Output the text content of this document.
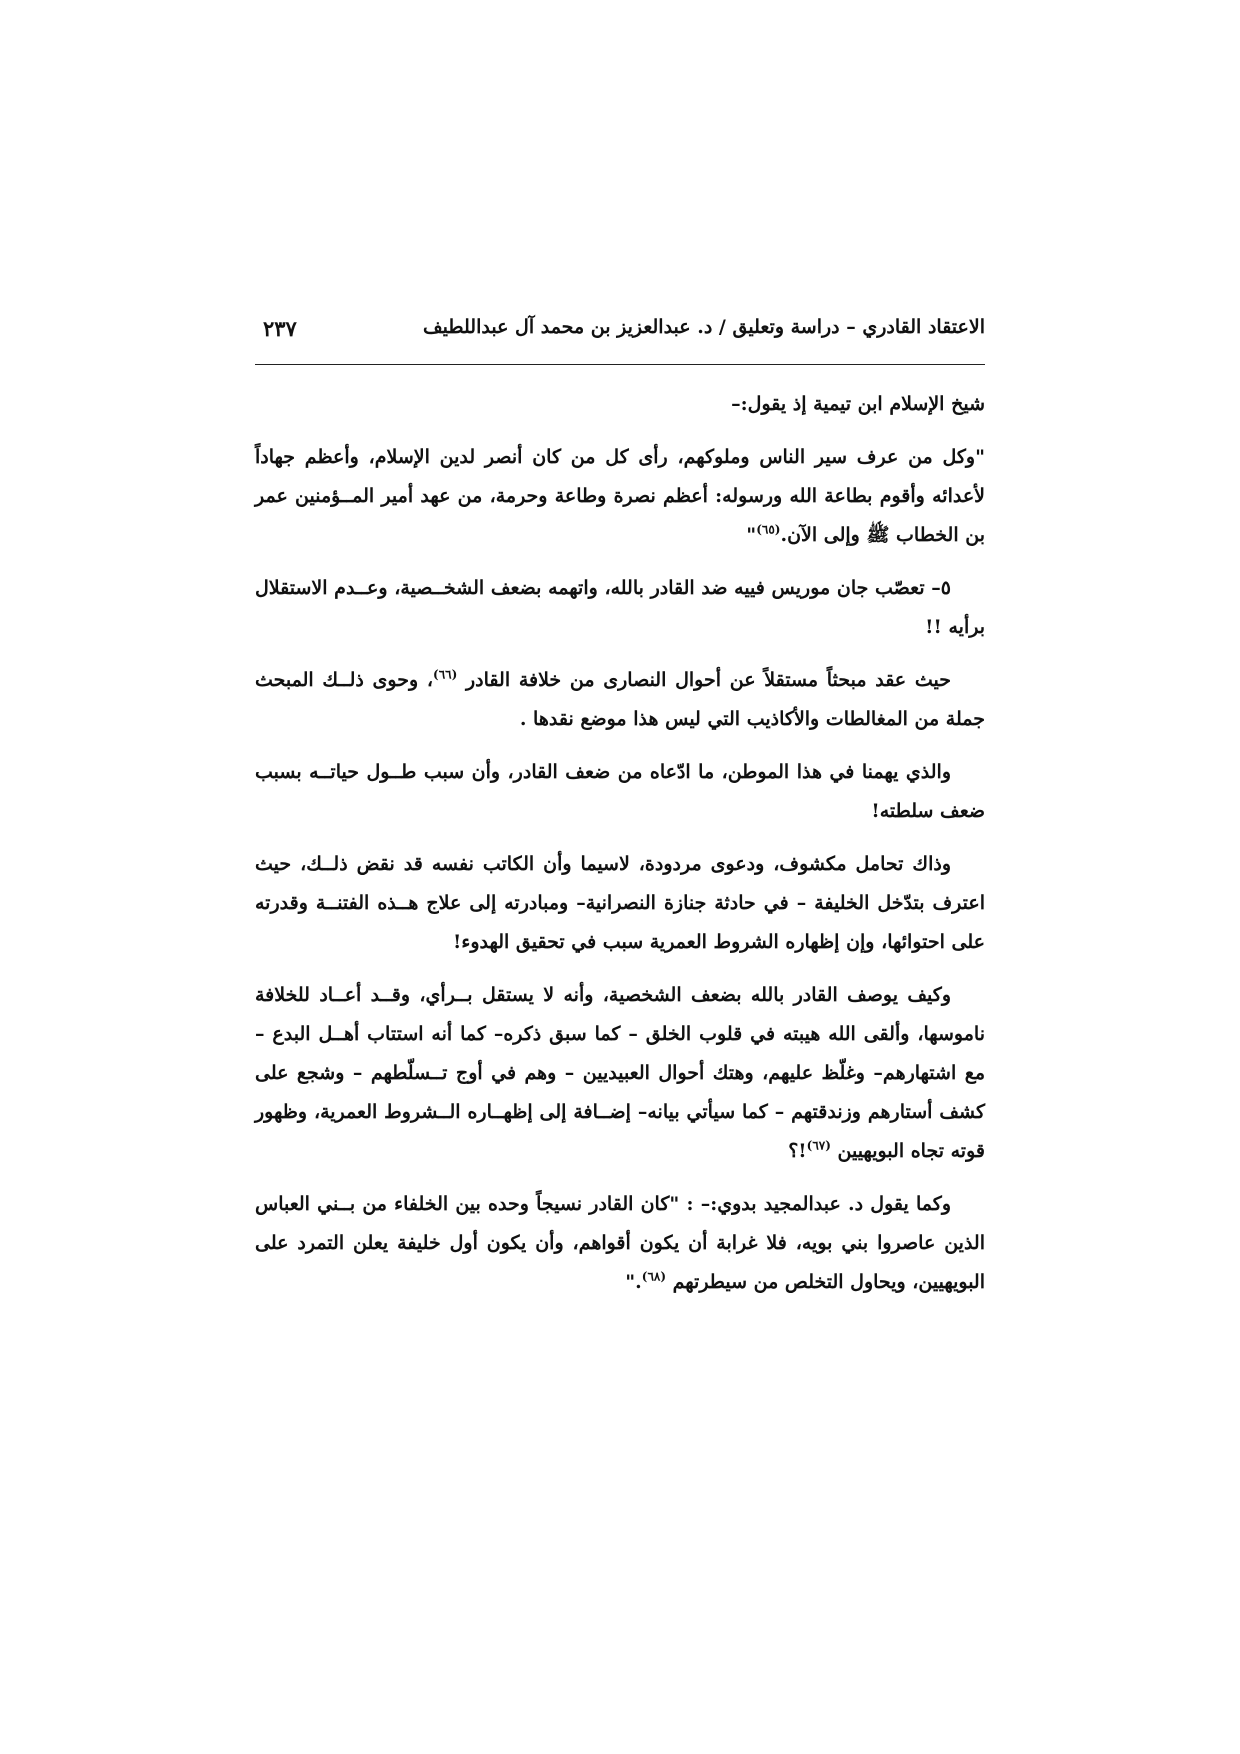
الاعتقاد القادري – دراسة وتعليق / د. عبدالعزيز بن محمد آل عبداللطيف
٢٣٧

شيخ الإسلام ابن تيمية إذ يقول:–

"وكل من عرف سير الناس وملوكهم، رأى كل من كان أنصر لدين الإسلام، وأعظم جهاداً لأعدائه وأقوم بطاعة الله ورسوله: أعظم نصرة وطاعة وحرمة، من عهد أمير المــؤمنين عمر بن الخطاب ﷺ وإلى الآن.$^{(٦٥)}$"

٥– تعصّب جان موريس فييه ضد القادر بالله، واتهمه بضعف الشخــصية، وعــدم الاستقلال برأيه !!

حيث عقد مبحثاً مستقلاً عن أحوال النصارى من خلافة القادر $^{(٦٦)}$، وحوى ذلــك المبحث جملة من المغالطات والأكاذيب التي ليس هذا موضع نقدها .

والذي يهمنا في هذا الموطن، ما ادّعاه من ضعف القادر، وأن سبب طــول حياتــه بسبب ضعف سلطته!

وذاك تحامل مكشوف، ودعوى مردودة، لاسيما وأن الكاتب نفسه قد نقض ذلــك، حيث اعترف بتدّخل الخليفة – في حادثة جنازة النصرانية– ومبادرته إلى علاج هــذه الفتنــة وقدرته على احتوائها، وإن إظهاره الشروط العمرية سبب في تحقيق الهدوء!

وكيف يوصف القادر بالله بضعف الشخصية، وأنه لا يستقل بــرأي، وقــد أعــاد للخلافة ناموسها، وألقى الله هيبته في قلوب الخلق – كما سبق ذكره– كما أنه استتاب أهــل البدع – مع اشتهارهم– وغلّظ عليهم، وهتك أحوال العبيديين – وهم في أوج تــسلّطهم – وشجع على كشف أستارهم وزندقتهم – كما سيأتي بيانه– إضــافة إلى إظهــاره الــشروط العمرية، وظهور قوته تجاه البويهيين $^{(٦٧)}$!؟

وكما يقول د. عبدالمجيد بدوي:– : "كان القادر نسيجاً وحده بين الخلفاء من بــني العباس الذين عاصروا بني بويه، فلا غرابة أن يكون أقواهم، وأن يكون أول خليفة يعلن التمرد على البويهيين، ويحاول التخلص من سيطرتهم $^{(٦٨)}$."
